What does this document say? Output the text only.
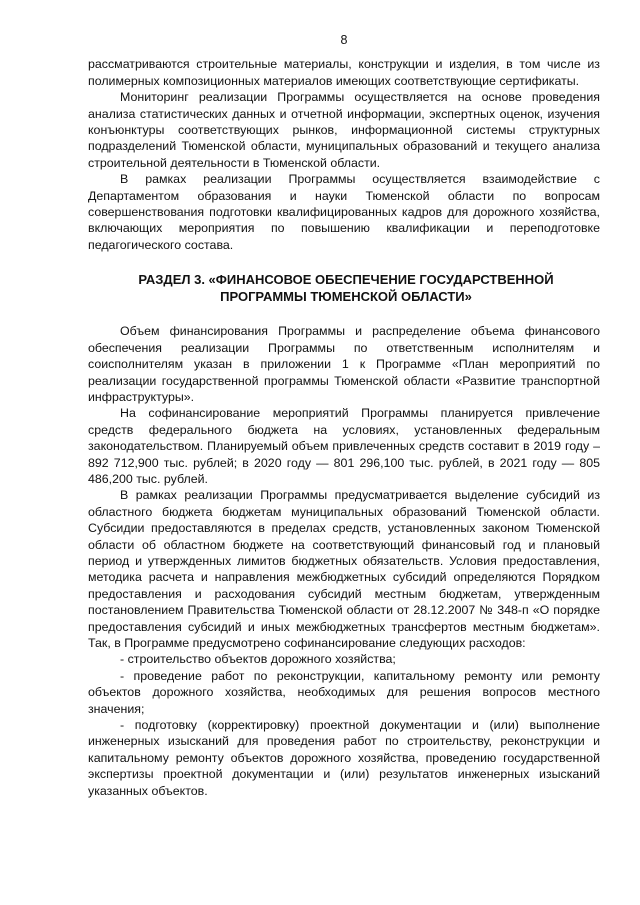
8

рассматриваются строительные материалы, конструкции и изделия, в том числе из полимерных композиционных материалов имеющих соответствующие сертификаты.

Мониторинг реализации Программы осуществляется на основе проведения анализа статистических данных и отчетной информации, экспертных оценок, изучения конъюнктуры соответствующих рынков, информационной системы структурных подразделений Тюменской области, муниципальных образований и текущего анализа строительной деятельности в Тюменской области.

В рамках реализации Программы осуществляется взаимодействие с Департаментом образования и науки Тюменской области по вопросам совершенствования подготовки квалифицированных кадров для дорожного хозяйства, включающих мероприятия по повышению квалификации и переподготовке педагогического состава.

РАЗДЕЛ 3. «ФИНАНСОВОЕ ОБЕСПЕЧЕНИЕ ГОСУДАРСТВЕННОЙ
ПРОГРАММЫ ТЮМЕНСКОЙ ОБЛАСТИ»

Объем финансирования Программы и распределение объема финансового обеспечения реализации Программы по ответственным исполнителям и соисполнителям указан в приложении 1 к Программе «План мероприятий по реализации государственной программы Тюменской области «Развитие транспортной инфраструктуры».

На софинансирование мероприятий Программы планируется привлечение средств федерального бюджета на условиях, установленных федеральным законодательством. Планируемый объем привлеченных средств составит в 2019 году – 892 712,900 тыс. рублей; в 2020 году — 801 296,100 тыс. рублей, в 2021 году — 805 486,200 тыс. рублей.

В рамках реализации Программы предусматривается выделение субсидий из областного бюджета бюджетам муниципальных образований Тюменской области. Субсидии предоставляются в пределах средств, установленных законом Тюменской области об областном бюджете на соответствующий финансовый год и плановый период и утвержденных лимитов бюджетных обязательств. Условия предоставления, методика расчета и направления межбюджетных субсидий определяются Порядком предоставления и расходования субсидий местным бюджетам, утвержденным постановлением Правительства Тюменской области от 28.12.2007 № 348-п «О порядке предоставления субсидий и иных межбюджетных трансфертов местным бюджетам». Так, в Программе предусмотрено софинансирование следующих расходов:

- строительство объектов дорожного хозяйства;

- проведение работ по реконструкции, капитальному ремонту или ремонту объектов дорожного хозяйства, необходимых для решения вопросов местного значения;

- подготовку (корректировку) проектной документации и (или) выполнение инженерных изысканий для проведения работ по строительству, реконструкции и капитальному ремонту объектов дорожного хозяйства, проведению государственной экспертизы проектной документации и (или) результатов инженерных изысканий указанных объектов.
